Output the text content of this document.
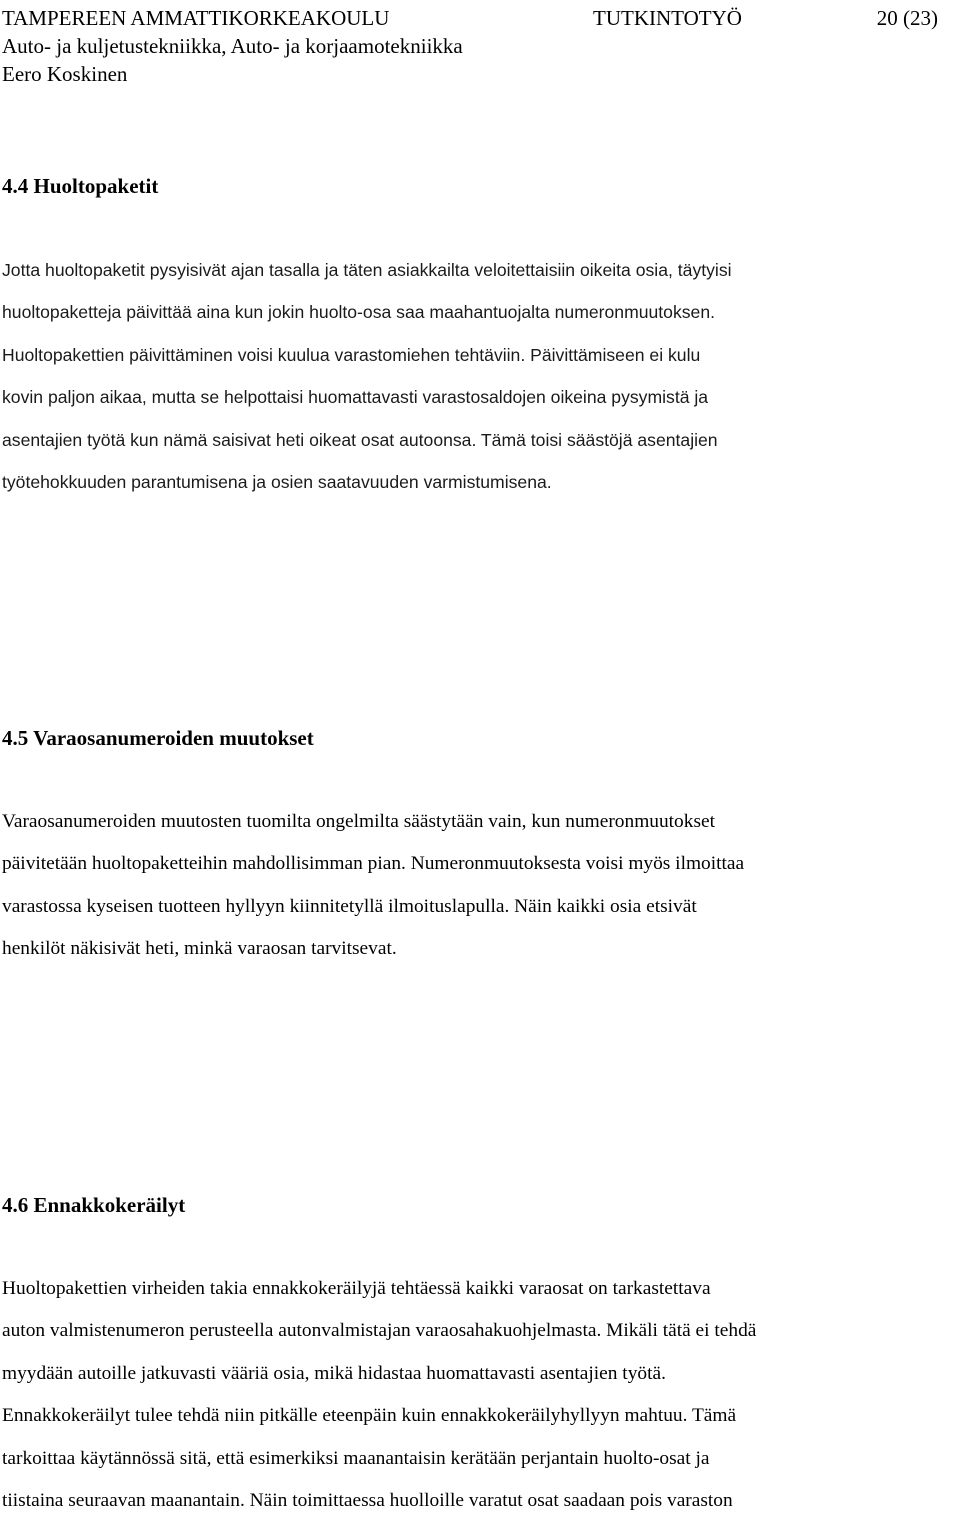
TAMPEREEN AMMATTIKORKEAKOULU	TUTKINTOTYÖ	20 (23)
Auto- ja kuljetustekniikka, Auto- ja korjaamotekniikka
Eero Koskinen
4.4 Huoltopaketit
Jotta huoltopaketit pysyisivät ajan tasalla ja täten asiakkailta veloitettaisiin oikeita osia, täytyisi
huoltopaketteja päivittää aina kun jokin huolto-osa saa maahantuojalta numeronmuutoksen.
Huoltopakettien päivittäminen voisi kuulua varastomiehen tehtäviin. Päivittämiseen ei kulu
kovin paljon aikaa, mutta se helpottaisi huomattavasti varastosaldojen oikeina pysymistä ja
asentajien työtä kun nämä saisivat heti oikeat osat autoonsa. Tämä toisi säästöjä asentajien
työtehokkuuden parantumisena ja osien saatavuuden varmistumisena.
4.5 Varaosanumeroiden muutokset
Varaosanumeroiden muutosten tuomilta ongelmilta säästytään vain, kun numeronmuutokset
päivitetään huoltopaketteihin mahdollisimman pian. Numeronmuutoksesta voisi myös ilmoittaa
varastossa kyseisen tuotteen hyllyyn kiinnitetyllä ilmoituslapulla. Näin kaikki osia etsivät
henkilöt näkisivät heti, minkä varaosan tarvitsevat.
4.6 Ennakkokeräilyt
Huoltopakettien virheiden takia ennakkokeräilyjä tehtäessä kaikki varaosat on tarkastettava
auton valmistenumeron perusteella autonvalmistajan varaosahakuohjelmasta. Mikäli tätä ei tehdä
myydään autoille jatkuvasti vääriä osia, mikä hidastaa huomattavasti asentajien työtä.
Ennakkokeräilyt tulee tehdä niin pitkälle eteenpäin kuin ennakkokeräilyhyllyyn mahtuu. Tämä
tarkoittaa käytännössä sitä, että esimerkiksi maanantaisin kerätään perjantain huolto-osat ja
tiistaina seuraavan maanantain. Näin toimittaessa huolloille varatut osat saadaan pois varaston
